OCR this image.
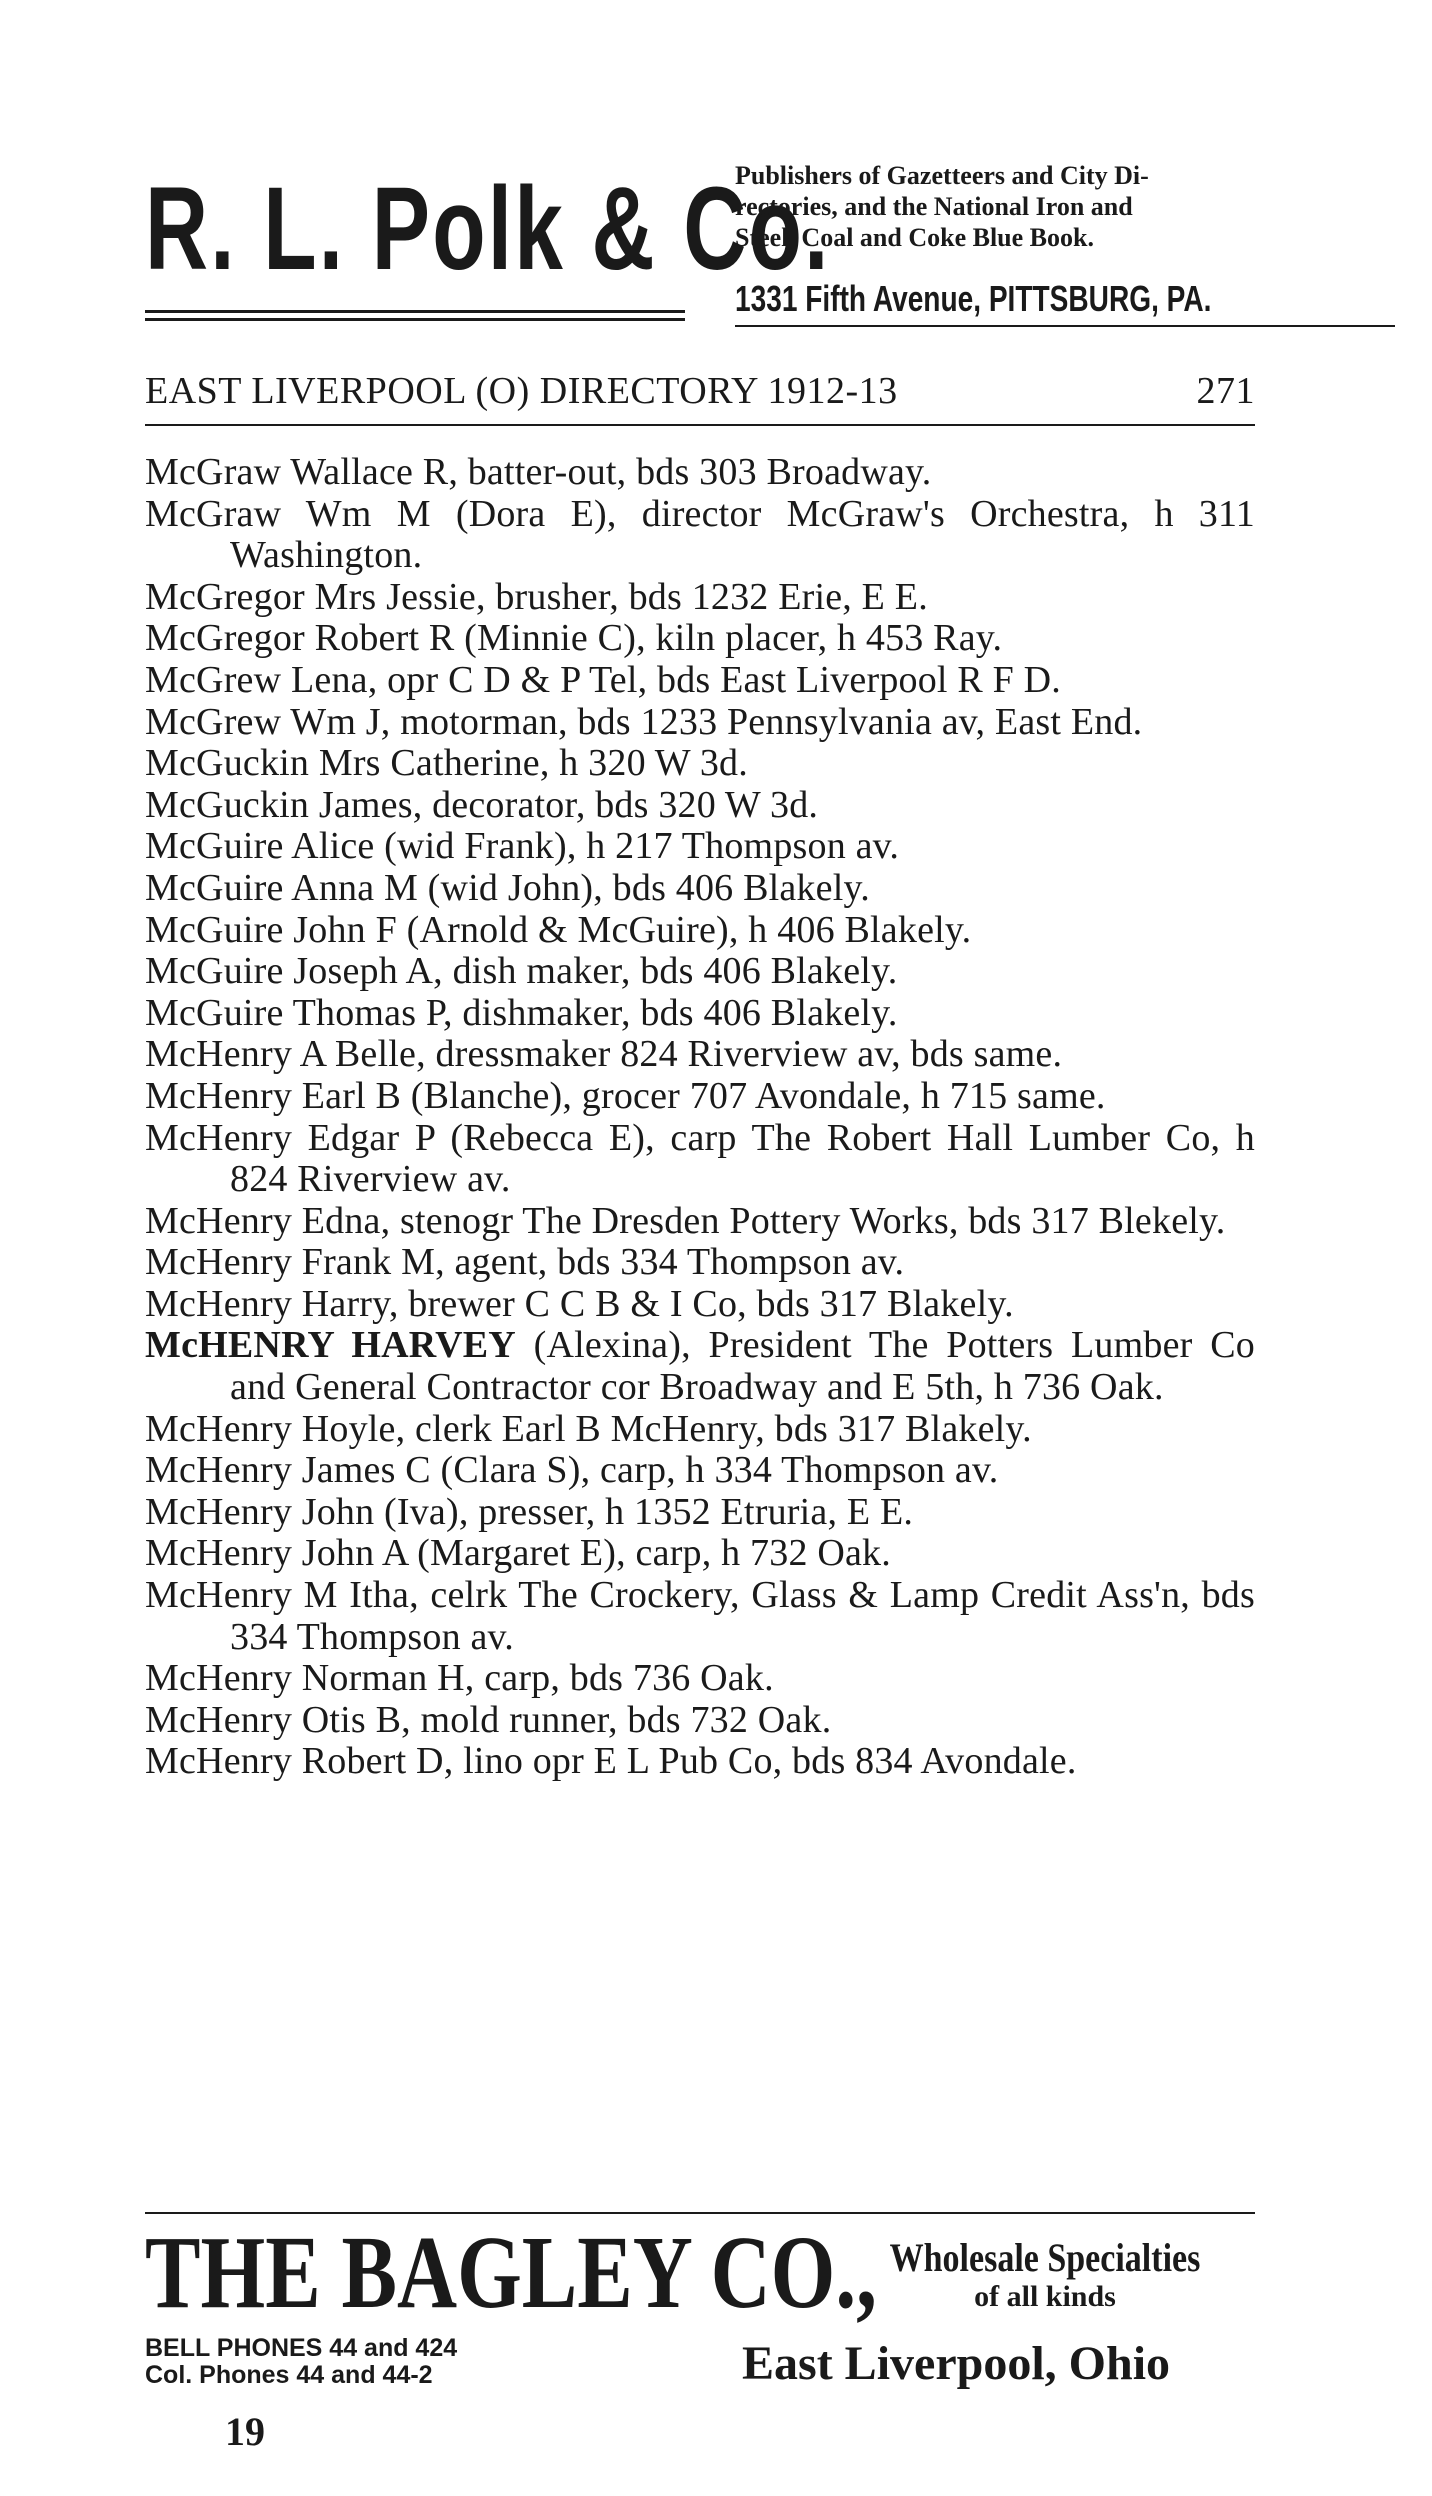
R. L. Polk & Co.
Publishers of Gazetteers and City Di-
rectories, and the National Iron and
Steel, Coal and Coke Blue Book.
1331 Fifth Avenue, PITTSBURG, PA.
EAST LIVERPOOL (O) DIRECTORY 1912-13	271
McGraw Wallace R, batter-out, bds 303 Broadway.
McGraw Wm M (Dora E), director McGraw's Orchestra, h 311 Washington.
McGregor Mrs Jessie, brusher, bds 1232 Erie, E E.
McGregor Robert R (Minnie C), kiln placer, h 453 Ray.
McGrew Lena, opr C D & P Tel, bds East Liverpool R F D.
McGrew Wm J, motorman, bds 1233 Pennsylvania av, East End.
McGuckin Mrs Catherine, h 320 W 3d.
McGuckin James, decorator, bds 320 W 3d.
McGuire Alice (wid Frank), h 217 Thompson av.
McGuire Anna M (wid John), bds 406 Blakely.
McGuire John F (Arnold & McGuire), h 406 Blakely.
McGuire Joseph A, dish maker, bds 406 Blakely.
McGuire Thomas P, dishmaker, bds 406 Blakely.
McHenry A Belle, dressmaker 824 Riverview av, bds same.
McHenry Earl B (Blanche), grocer 707 Avondale, h 715 same.
McHenry Edgar P (Rebecca E), carp The Robert Hall Lumber Co, h 824 Riverview av.
McHenry Edna, stenogr The Dresden Pottery Works, bds 317 Blekely.
McHenry Frank M, agent, bds 334 Thompson av.
McHenry Harry, brewer C C B & I Co, bds 317 Blakely.
McHENRY HARVEY (Alexina), President The Potters Lumber Co and General Contractor cor Broadway and E 5th, h 736 Oak.
McHenry Hoyle, clerk Earl B McHenry, bds 317 Blakely.
McHenry James C (Clara S), carp, h 334 Thompson av.
McHenry John (Iva), presser, h 1352 Etruria, E E.
McHenry John A (Margaret E), carp, h 732 Oak.
McHenry M Itha, celrk The Crockery, Glass & Lamp Credit Ass'n, bds 334 Thompson av.
McHenry Norman H, carp, bds 736 Oak.
McHenry Otis B, mold runner, bds 732 Oak.
McHenry Robert D, lino opr E L Pub Co, bds 834 Avondale.
THE BAGLEY CO., Wholesale Specialties
of all kinds
BELL PHONES 44 and 424
Col. Phones 44 and 44-2	East Liverpool, Ohio
19
